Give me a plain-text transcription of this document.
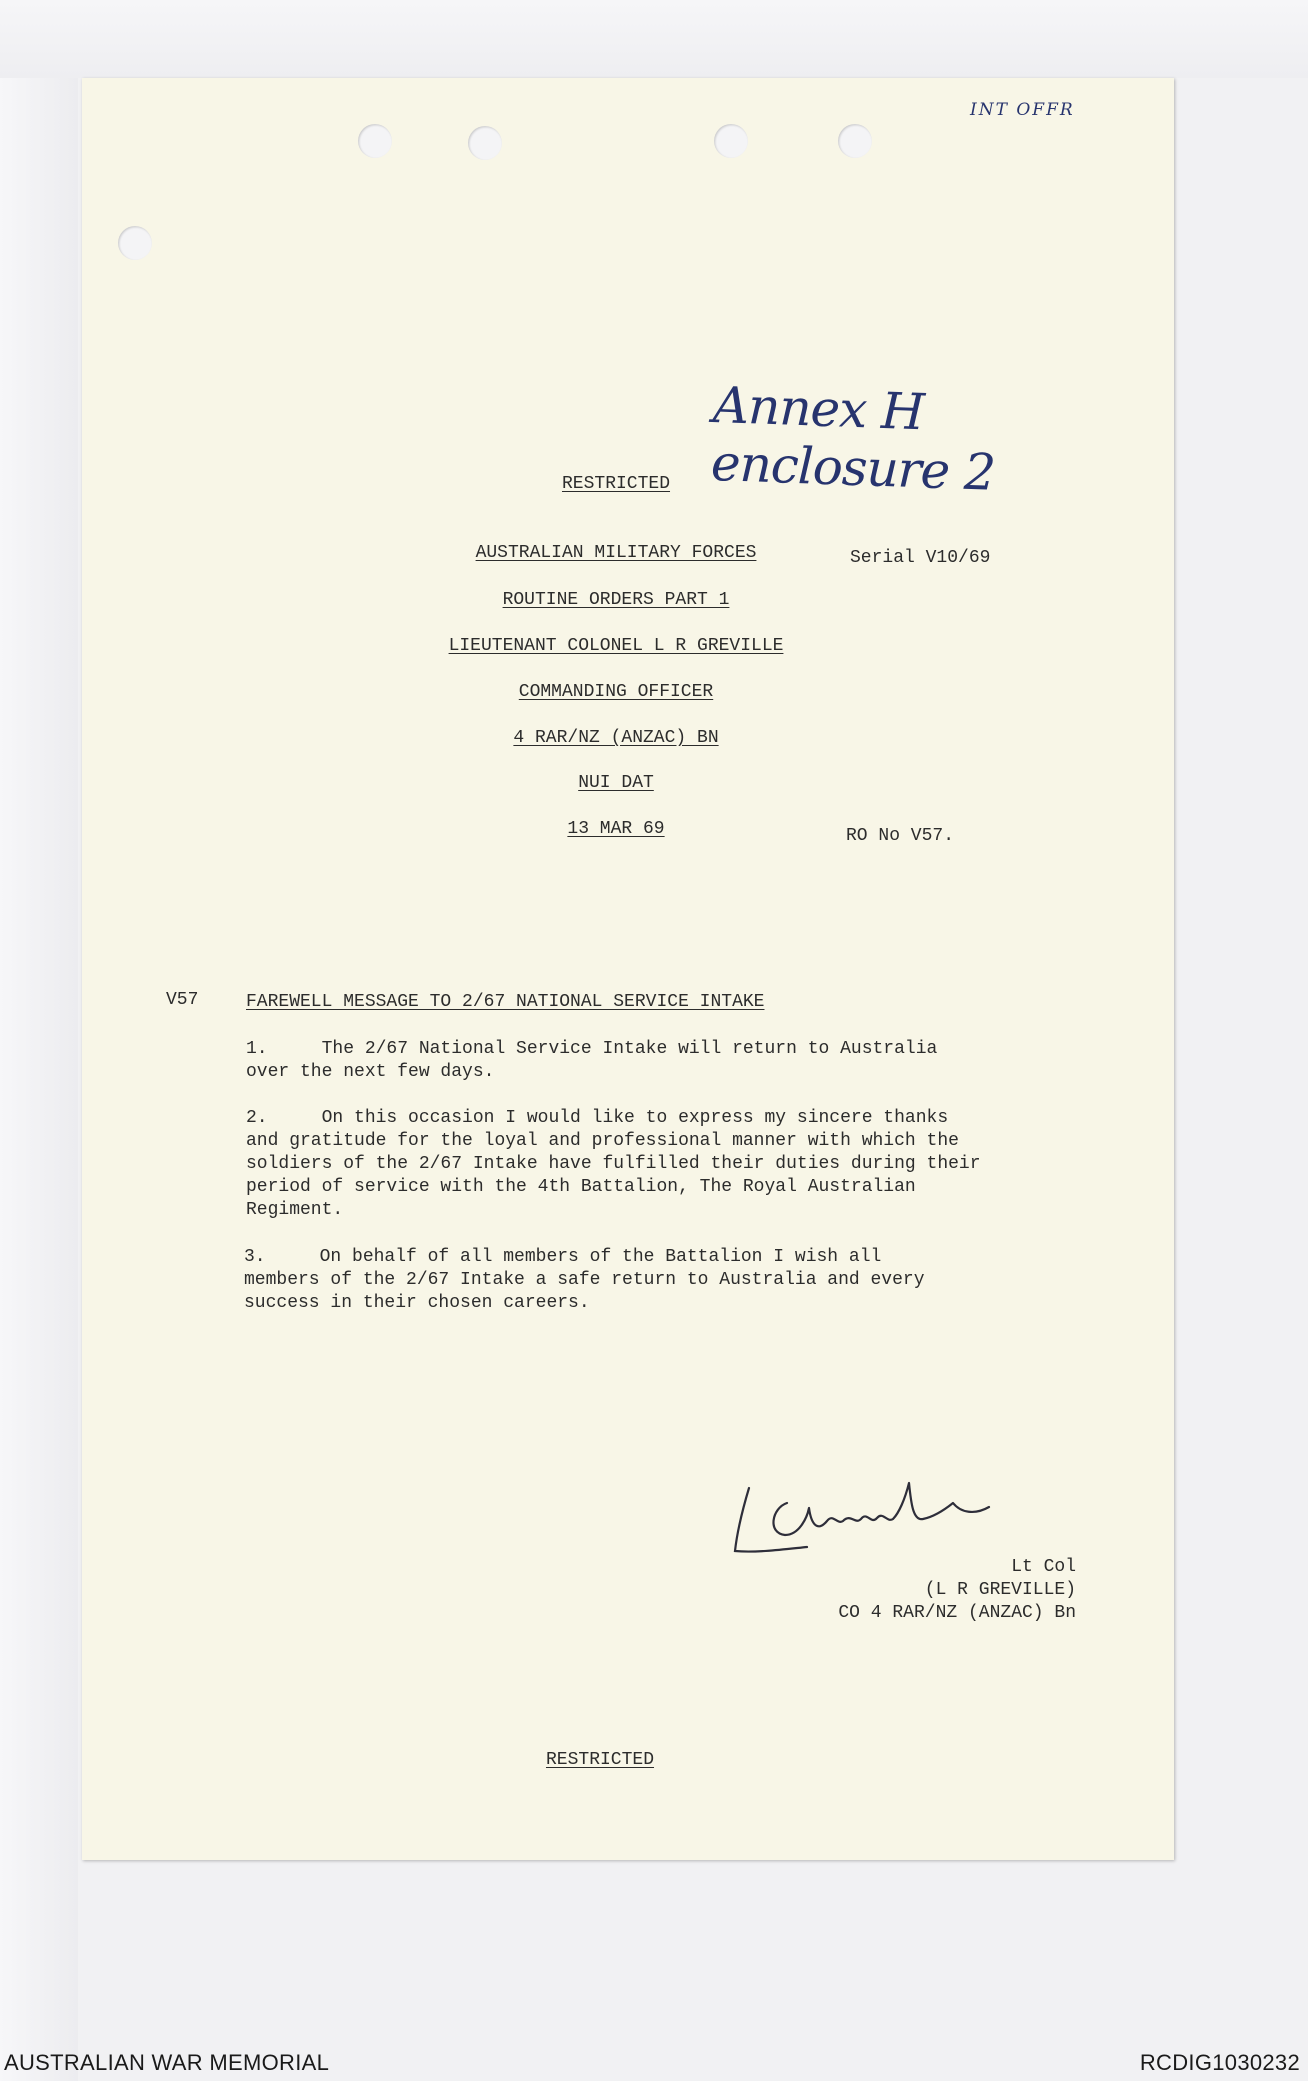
INT OFFR
Annex H enclosure 2
RESTRICTED
AUSTRALIAN MILITARY FORCES	Serial V10/69
ROUTINE ORDERS PART 1
LIEUTENANT COLONEL L R GREVILLE
COMMANDING OFFICER
4 RAR/NZ (ANZAC) BN
NUI DAT
13 MAR 69	RO No V57.
V57	FAREWELL MESSAGE TO 2/67 NATIONAL SERVICE INTAKE
1.     The 2/67 National Service Intake will return to Australia
over the next few days.
2.     On this occasion I would like to express my sincere thanks
and gratitude for the loyal and professional manner with which the
soldiers of the 2/67 Intake have fulfilled their duties during their
period of service with the 4th Battalion, The Royal Australian
Regiment.
3.     On behalf of all members of the Battalion I wish all
members of the 2/67 Intake a safe return to Australia and every
success in their chosen careers.
Lt Col
(L R GREVILLE)
CO 4 RAR/NZ (ANZAC) Bn
RESTRICTED
AUSTRALIAN WAR MEMORIAL	RCDIG1030232
